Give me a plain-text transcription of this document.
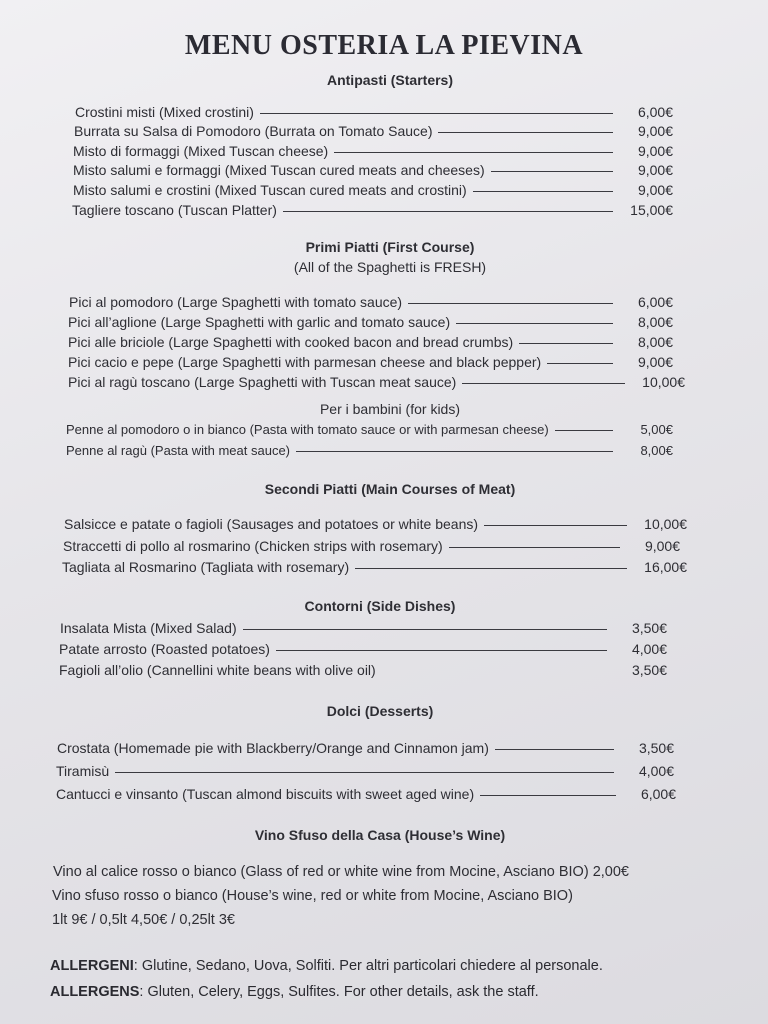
MENU OSTERIA LA PIEVINA
Antipasti (Starters)
Crostini misti (Mixed crostini)	6,00€
Burrata su Salsa di Pomodoro (Burrata on Tomato Sauce)	9,00€
Misto di formaggi (Mixed Tuscan cheese)	9,00€
Misto salumi e formaggi (Mixed Tuscan cured meats and cheeses)	9,00€
Misto salumi e crostini (Mixed Tuscan cured meats and crostini)	9,00€
Tagliere toscano (Tuscan Platter)	15,00€
Primi Piatti (First Course)
(All of the Spaghetti is FRESH)
Pici al pomodoro (Large Spaghetti with tomato sauce)	6,00€
Pici all’aglione (Large Spaghetti with garlic and tomato sauce)	8,00€
Pici alle briciole (Large Spaghetti with cooked bacon and bread crumbs)	8,00€
Pici cacio e pepe (Large Spaghetti with parmesan cheese and black pepper)	9,00€
Pici al ragù toscano (Large Spaghetti with Tuscan meat sauce)	10,00€
Per i bambini (for kids)
Penne al pomodoro o in bianco (Pasta with tomato sauce or with parmesan cheese)	5,00€
Penne al ragù (Pasta with meat sauce)	8,00€
Secondi Piatti (Main Courses of Meat)
Salsicce e patate o fagioli (Sausages and potatoes or white beans)	10,00€
Straccetti di pollo al rosmarino (Chicken strips with rosemary)	9,00€
Tagliata al Rosmarino (Tagliata with rosemary)	16,00€
Contorni (Side Dishes)
Insalata Mista (Mixed Salad)	3,50€
Patate arrosto (Roasted potatoes)	4,00€
Fagioli all’olio (Cannellini white beans with olive oil)	3,50€
Dolci (Desserts)
Crostata (Homemade pie with Blackberry/Orange and Cinnamon jam)	3,50€
Tiramisù	4,00€
Cantucci e vinsanto (Tuscan almond biscuits with sweet aged wine)	6,00€
Vino Sfuso della Casa (House’s Wine)
Vino al calice rosso o bianco (Glass of red or white wine from Mocine, Asciano BIO) 2,00€
Vino sfuso rosso o bianco (House’s wine, red or white from Mocine, Asciano BIO)
1lt 9€ / 0,5lt 4,50€ / 0,25lt 3€
ALLERGENI: Glutine, Sedano, Uova, Solfiti. Per altri particolari chiedere al personale.
ALLERGENS: Gluten, Celery, Eggs, Sulfites. For other details, ask the staff.
